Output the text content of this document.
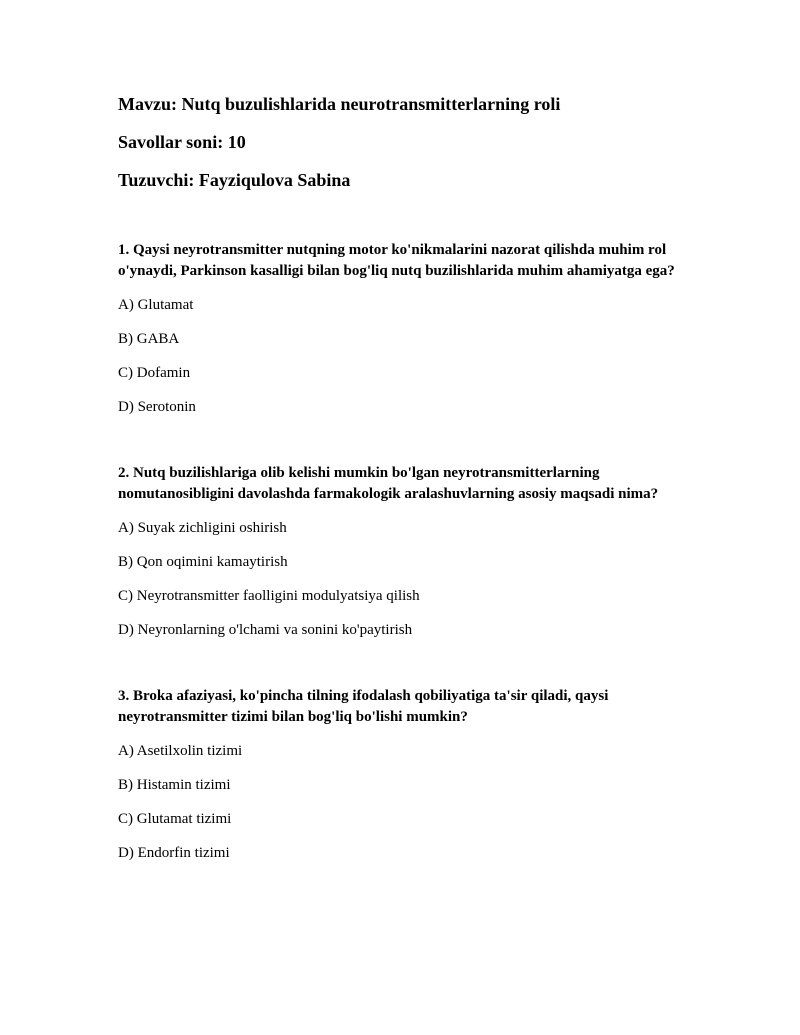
Mavzu: Nutq buzulishlarida neurotransmitterlarning roli

Savollar soni: 10

Tuzuvchi: Fayziqulova Sabina

1. Qaysi neyrotransmitter nutqning motor ko'nikmalarini nazorat qilishda muhim rol o'ynaydi, Parkinson kasalligi bilan bog'liq nutq buzilishlarida muhim ahamiyatga ega?

A) Glutamat

B) GABA

C) Dofamin

D) Serotonin

2. Nutq buzilishlariga olib kelishi mumkin bo'lgan neyrotransmitterlarning nomutanosibligini davolashda farmakologik aralashuvlarning asosiy maqsadi nima?

A) Suyak zichligini oshirish

B) Qon oqimini kamaytirish

C) Neyrotransmitter faolligini modulyatsiya qilish

D) Neyronlarning o'lchami va sonini ko'paytirish

3. Broka afaziyasi, ko'pincha tilning ifodalash qobiliyatiga ta'sir qiladi, qaysi neyrotransmitter tizimi bilan bog'liq bo'lishi mumkin?

A) Asetilxolin tizimi

B) Histamin tizimi

C) Glutamat tizimi

D) Endorfin tizimi
